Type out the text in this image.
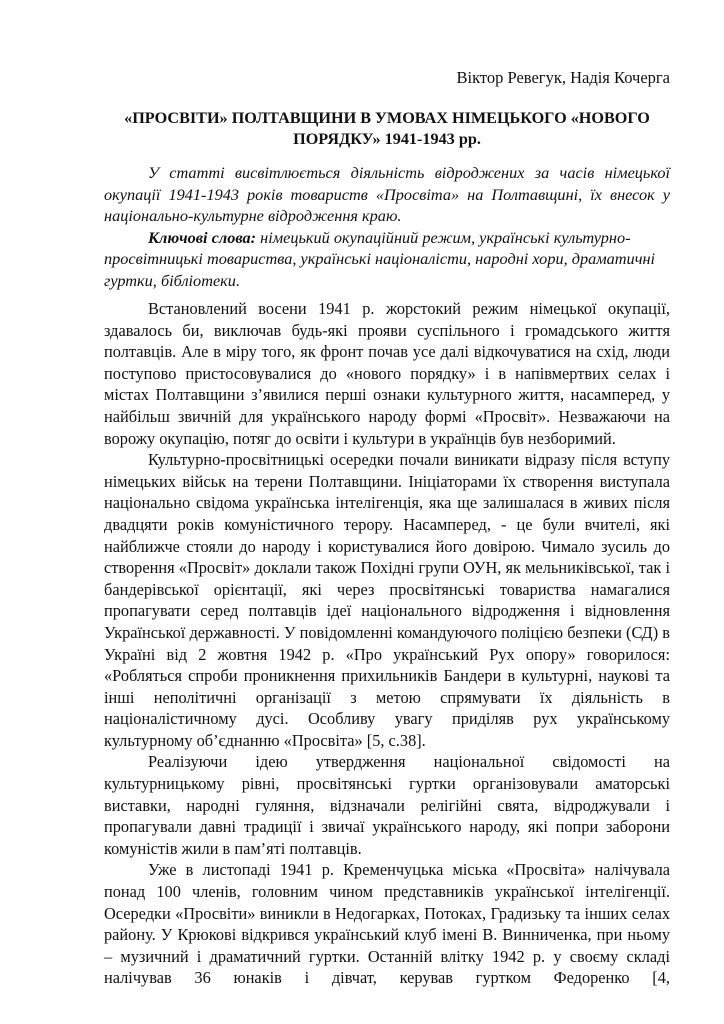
Віктор Ревегук, Надія Кочерга
«ПРОСВІТИ» ПОЛТАВЩИНИ В УМОВАХ НІМЕЦЬКОГО «НОВОГО
ПОРЯДКУ» 1941-1943 рр.

У статті висвітлюється діяльність відроджених за часів німецької окупації 1941-1943 років товариств «Просвіта» на Полтавщині, їх внесок у національно-культурне відродження краю.

Ключові слова: німецький окупаційний режим, українські культурно-просвітницькі товариства, українські націоналісти, народні хори, драматичні гуртки, бібліотеки.

Встановлений восени 1941 р. жорстокий режим німецької окупації, здавалось би, виключав будь-які прояви суспільного і громадського життя полтавців. Але в міру того, як фронт почав усе далі відкочуватися на схід, люди поступово пристосовувалися до «нового порядку» і в напівмертвих селах і містах Полтавщини з’явилися перші ознаки культурного життя, насамперед, у найбільш звичній для українського народу формі «Просвіт». Незважаючи на ворожу окупацію, потяг до освіти і культури в українців був незборимий.

Культурно-просвітницькі осередки почали виникати відразу після вступу німецьких військ на терени Полтавщини. Ініціаторами їх створення виступала національно свідома українська інтелігенція, яка ще залишалася в живих після двадцяти років комуністичного терору. Насамперед, - це були вчителі, які найближче стояли до народу і користувалися його довірою. Чимало зусиль до створення «Просвіт» доклали також Похідні групи ОУН, як мельниківської, так і бандерівської орієнтації, які через просвітянські товариства намагалися пропагувати серед полтавців ідеї національного відродження і відновлення Української державності. У повідомленні командуючого поліцією безпеки (СД) в Україні від 2 жовтня 1942 р. «Про український Рух опору» говорилося: «Робляться спроби проникнення прихильників Бандери в культурні, наукові та інші неполітичні організації з метою спрямувати їх діяльність в націоналістичному дусі. Особливу увагу приділяв рух українському культурному об’єднанню «Просвіта» [5, с.38].

Реалізуючи ідею утвердження національної свідомості на культурницькому рівні, просвітянські гуртки організовували аматорські виставки, народні гуляння, відзначали релігійні свята, відроджували і пропагували давні традиції і звичаї українського народу, які попри заборони комуністів жили в пам’яті полтавців.

Уже в листопаді 1941 р. Кременчуцька міська «Просвіта» налічувала понад 100 членів, головним чином представників української інтелігенції. Осередки «Просвіти» виникли в Недогарках, Потоках, Градизьку та інших селах району. У Крюкові відкрився український клуб імені В. Винниченка, при ньому – музичний і драматичний гуртки. Останній влітку 1942 р. у своєму складі налічував 36 юнаків і дівчат, керував гуртком Федоренко [4,
